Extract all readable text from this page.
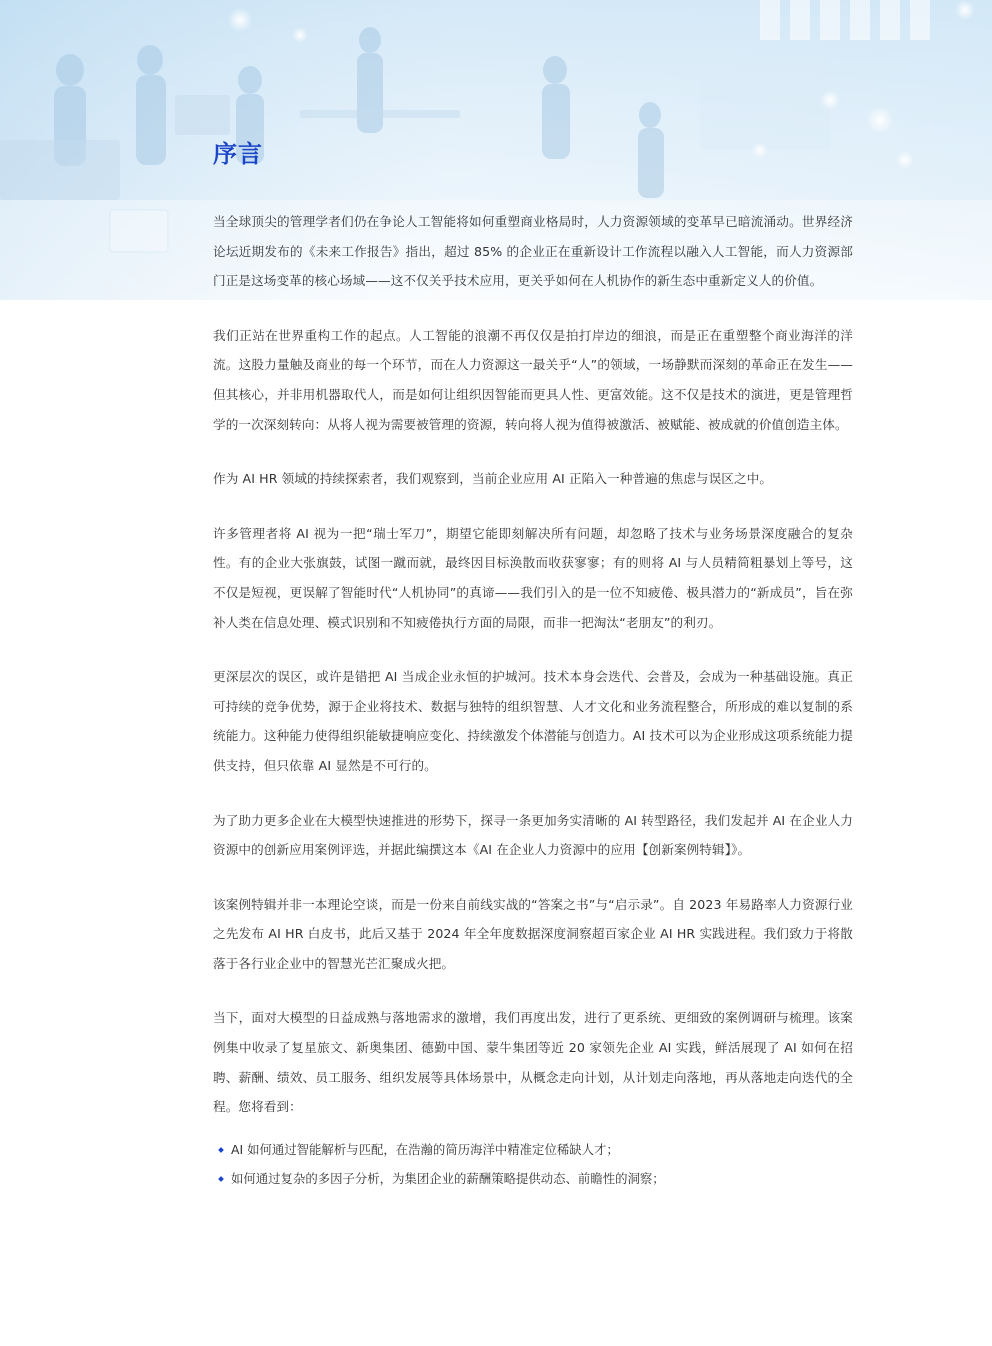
序言

当全球顶尖的管理学者们仍在争论人工智能将如何重塑商业格局时，人力资源领域的变革早已暗流涌动。世界经济论坛近期发布的《未来工作报告》指出，超过 85% 的企业正在重新设计工作流程以融入人工智能，而人力资源部门正是这场变革的核心场域——这不仅关乎技术应用，更关乎如何在人机协作的新生态中重新定义人的价值。

我们正站在世界重构工作的起点。人工智能的浪潮不再仅仅是拍打岸边的细浪，而是正在重塑整个商业海洋的洋流。这股力量触及商业的每一个环节，而在人力资源这一最关乎“人”的领域，一场静默而深刻的革命正在发生——但其核心，并非用机器取代人，而是如何让组织因智能而更具人性、更富效能。这不仅是技术的演进，更是管理哲学的一次深刻转向：从将人视为需要被管理的资源，转向将人视为值得被激活、被赋能、被成就的价值创造主体。

作为 AI HR 领域的持续探索者，我们观察到，当前企业应用 AI 正陷入一种普遍的焦虑与误区之中。

许多管理者将 AI 视为一把“瑞士军刀”，期望它能即刻解决所有问题，却忽略了技术与业务场景深度融合的复杂性。有的企业大张旗鼓，试图一蹴而就，最终因目标涣散而收获寥寥；有的则将 AI 与人员精简粗暴划上等号，这不仅是短视，更误解了智能时代“人机协同”的真谛——我们引入的是一位不知疲倦、极具潜力的“新成员”，旨在弥补人类在信息处理、模式识别和不知疲倦执行方面的局限，而非一把淘汰“老朋友”的利刃。

更深层次的误区，或许是错把 AI 当成企业永恒的护城河。技术本身会迭代、会普及，会成为一种基础设施。真正可持续的竞争优势，源于企业将技术、数据与独特的组织智慧、人才文化和业务流程整合，所形成的难以复制的系统能力。这种能力使得组织能敏捷响应变化、持续激发个体潜能与创造力。AI 技术可以为企业形成这项系统能力提供支持，但只依靠 AI 显然是不可行的。

为了助力更多企业在大模型快速推进的形势下，探寻一条更加务实清晰的 AI 转型路径，我们发起并 AI 在企业人力资源中的创新应用案例评选，并据此编撰这本《AI 在企业人力资源中的应用【创新案例特辑】》。

该案例特辑并非一本理论空谈，而是一份来自前线实战的“答案之书”与“启示录”。自 2023 年易路率人力资源行业之先发布 AI HR 白皮书，此后又基于 2024 年全年度数据深度洞察超百家企业 AI HR 实践进程。我们致力于将散落于各行业企业中的智慧光芒汇聚成火把。

当下，面对大模型的日益成熟与落地需求的激增，我们再度出发，进行了更系统、更细致的案例调研与梳理。该案例集中收录了复星旅文、新奥集团、德勤中国、蒙牛集团等近 20 家领先企业 AI 实践，鲜活展现了 AI 如何在招聘、薪酬、绩效、员工服务、组织发展等具体场景中，从概念走向计划，从计划走向落地，再从落地走向迭代的全程。您将看到：

AI 如何通过智能解析与匹配，在浩瀚的简历海洋中精准定位稀缺人才；
如何通过复杂的多因子分析，为集团企业的薪酬策略提供动态、前瞻性的洞察；
